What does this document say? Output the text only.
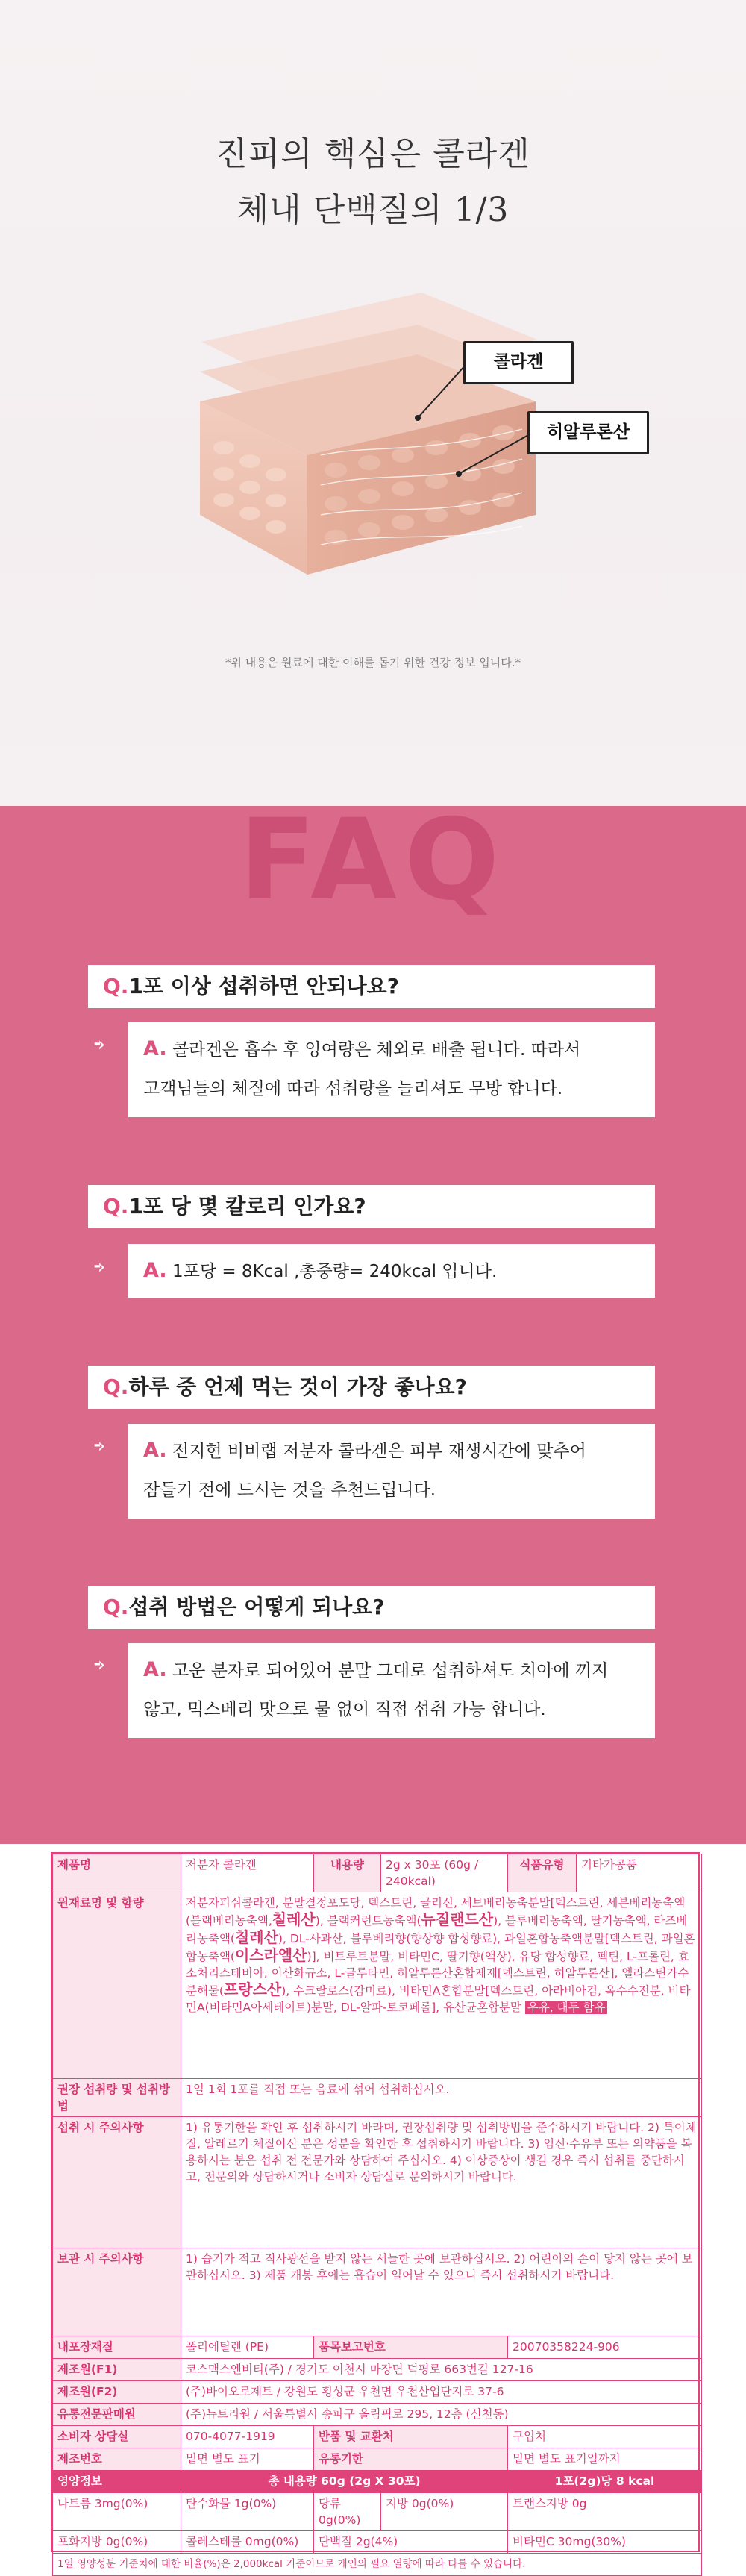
진피의 핵심은 콜라겐
체내 단백질의 1/3
콜라겐
히알루론산
*위 내용은 원료에 대한 이해를 돕기 위한 건강 정보 입니다.*
FAQ
Q.1포 이상 섭취하면 안되나요?
···›	A. 콜라겐은 흡수 후 잉여량은 체외로 배출 됩니다. 따라서
고객님들의 체질에 따라 섭취량을 늘리셔도 무방 합니다.
Q.1포 당 몇 칼로리 인가요?
···›	A. 1포당 = 8Kcal ,총중량= 240kcal 입니다.
Q.하루 중 언제 먹는 것이 가장 좋나요?
···›	A. 전지현 비비랩 저분자 콜라겐은 피부 재생시간에 맞추어
잠들기 전에 드시는 것을 추천드립니다.
Q.섭취 방법은 어떻게 되나요?
···›	A. 고운 분자로 되어있어 분말 그대로 섭취하셔도 치아에 끼지
않고, 믹스베리 맛으로 물 없이 직접 섭취 가능 합니다.
제품명	저분자 콜라겐	내용량	2g x 30포 (60g / 240kcal)	식품유형	기타가공품
원재료명 및 함량	저분자피쉬콜라겐, 분말결정포도당, 덱스트린, 글리신, 세브베리농축분말[덱스트린, 세븐베리농축액(블랙베리농축액,칠레산), 블랙커런트농축액(뉴질랜드산), 블루베리농축액, 딸기농축액, 라즈베리농축액(칠레산), DL-사과산, 블루베리향(향상향 합성향료), 과일혼합농축액분말[덱스트린, 과일혼합농축액(이스라엘산)], 비트루트분말, 비타민C, 딸기향(액상), 유당 합성향료, 펙틴, L-프롤린, 효소처리스테비아, 이산화규소, L-글루타민, 히알루론산혼합제제[덱스트린, 히알루론산], 엘라스틴가수분해물(프랑스산), 수크랄로스(감미료), 비타민A혼합분말[덱스트린, 아라비아검, 옥수수전분, 비타민A(비타민A아세테이트)분말, DL-알파-토코페롤], 유산균혼합분말 우유, 대두 함유				
권장 섭취량 및 섭취방법	1일 1회 1포를 직접 또는 음료에 섞어 섭취하십시오.				
섭취 시 주의사항	1) 유통기한을 확인 후 섭취하시기 바라며, 권장섭취량 및 섭취방법을 준수하시기 바랍니다. 2) 특이체질, 알레르기 체질이신 분은 성분을 확인한 후 섭취하시기 바랍니다. 3) 임신·수유부 또는 의약품을 복용하시는 분은 섭취 전 전문가와 상담하여 주십시오. 4) 이상증상이 생길 경우 즉시 섭취를 중단하시고, 전문의와 상담하시거나 소비자 상담실로 문의하시기 바랍니다.				
보관 시 주의사항	1) 습기가 적고 직사광선을 받지 않는 서늘한 곳에 보관하십시오. 2) 어린이의 손이 닿지 않는 곳에 보관하십시오. 3) 제품 개봉 후에는 흡습이 일어날 수 있으니 즉시 섭취하시기 바랍니다.				
내포장재질	폴리에틸렌 (PE)	품목보고번호		20070358224-906	
제조원(F1)	코스맥스엔비티(주) / 경기도 이천시 마장면 덕평로 663번길 127-16				
제조원(F2)	(주)바이오로제트 / 강원도 횡성군 우천면 우천산업단지로 37-6				
유통전문판매원	(주)뉴트리원 / 서울특별시 송파구 올림픽로 295, 12층 (신천동)				
소비자 상담실	070-4077-1919	반품 및 교환처		구입처	
제조번호	밑면 별도 표기	유통기한		밑면 별도 표기일까지	
영양정보	총 내용량 60g (2g X 30포)			1포(2g)당 8 kcal	
나트륨 3mg(0%)	탄수화물 1g(0%)	당류 0g(0%)	지방 0g(0%)	트랜스지방 0g	
포화지방 0g(0%)	콜레스테롤 0mg(0%)	단백질 2g(4%)		비타민C 30mg(30%)	
1일 영양성분 기준치에 대한 비율(%)은 2,000kcal 기준이므로 개인의 필요 열량에 따라 다를 수 있습니다.					
